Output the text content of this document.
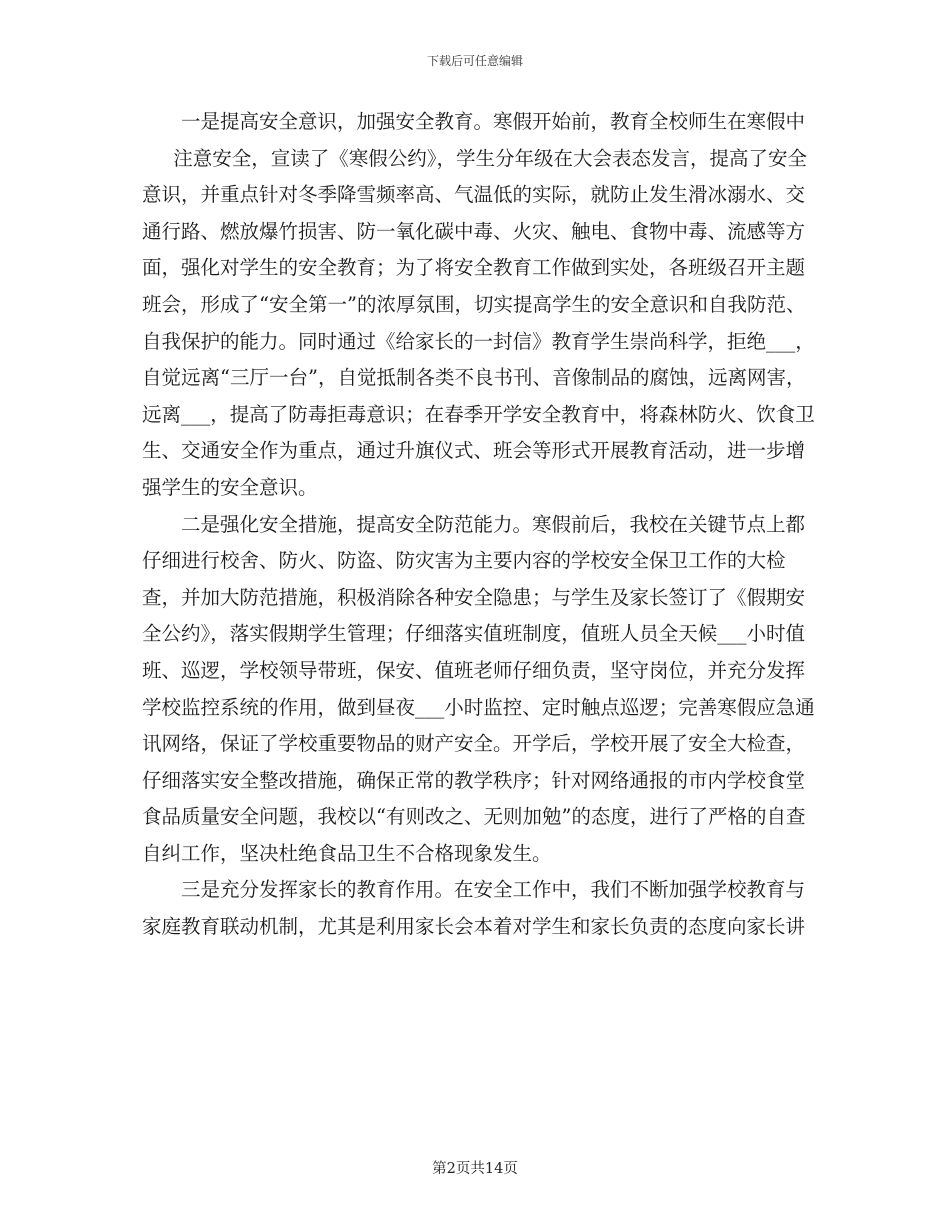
下载后可任意编辑

一是提高安全意识，加强安全教育。寒假开始前，教育全校师生在寒假中

注意安全，宣读了《寒假公约》，学生分年级在大会表态发言，提高了安全意识，并重点针对冬季降雪频率高、气温低的实际，就防止发生滑冰溺水、交通行路、燃放爆竹损害、防一氧化碳中毒、火灾、触电、食物中毒、流感等方面，强化对学生的安全教育；为了将安全教育工作做到实处，各班级召开主题班会，形成了“安全第一”的浓厚氛围，切实提高学生的安全意识和自我防范、自我保护的能力。同时通过《给家长的一封信》教育学生崇尚科学，拒绝___，自觉远离“三厅一台”，自觉抵制各类不良书刊、音像制品的腐蚀，远离网害，远离___，提高了防毒拒毒意识；在春季开学安全教育中，将森林防火、饮食卫生、交通安全作为重点，通过升旗仪式、班会等形式开展教育活动，进一步增强学生的安全意识。

二是强化安全措施，提高安全防范能力。寒假前后，我校在关键节点上都仔细进行校舍、防火、防盗、防灾害为主要内容的学校安全保卫工作的大检查，并加大防范措施，积极消除各种安全隐患；与学生及家长签订了《假期安全公约》，落实假期学生管理；仔细落实值班制度，值班人员全天候___小时值班、巡逻，学校领导带班，保安、值班老师仔细负责，坚守岗位，并充分发挥学校监控系统的作用，做到昼夜___小时监控、定时触点巡逻；完善寒假应急通讯网络，保证了学校重要物品的财产安全。开学后，学校开展了安全大检查，仔细落实安全整改措施，确保正常的教学秩序；针对网络通报的市内学校食堂食品质量安全问题，我校以“有则改之、无则加勉”的态度，进行了严格的自查自纠工作，坚决杜绝食品卫生不合格现象发生。

三是充分发挥家长的教育作用。在安全工作中，我们不断加强学校教育与家庭教育联动机制，尤其是利用家长会本着对学生和家长负责的态度向家长讲

第2页共14页
